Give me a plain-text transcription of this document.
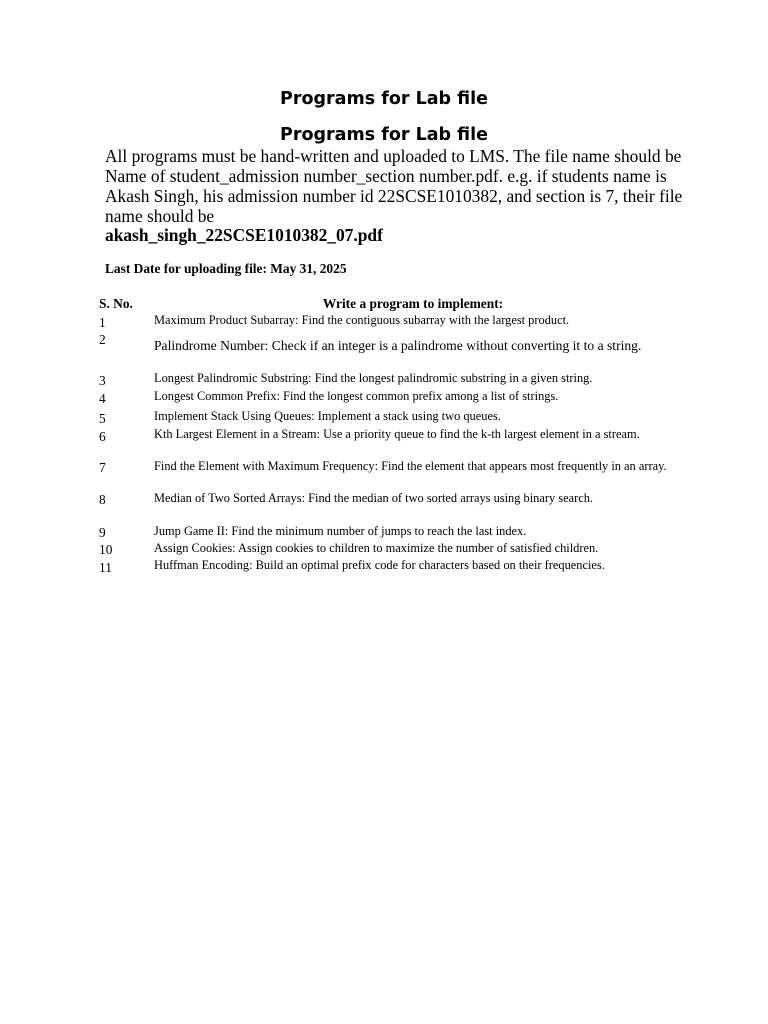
Programs for Lab file
Programs for Lab file
All programs must be hand-written and uploaded to LMS. The file name should be Name of student_admission number_section number.pdf. e.g. if students name is Akash Singh, his admission number id 22SCSE1010382, and section is 7, their file name should be
akash_singh_22SCSE1010382_07.pdf
Last Date for uploading file: May 31, 2025
S. No.	Write a program to implement:
1	Maximum Product Subarray: Find the contiguous subarray with the largest product.
2	Palindrome Number: Check if an integer is a palindrome without converting it to a string.
3	Longest Palindromic Substring: Find the longest palindromic substring in a given string.
4	Longest Common Prefix: Find the longest common prefix among a list of strings.
5	Implement Stack Using Queues: Implement a stack using two queues.
6	Kth Largest Element in a Stream: Use a priority queue to find the k-th largest element in a stream.
7	Find the Element with Maximum Frequency: Find the element that appears most frequently in an array.
8	Median of Two Sorted Arrays: Find the median of two sorted arrays using binary search.
9	Jump Game II: Find the minimum number of jumps to reach the last index.
10	Assign Cookies: Assign cookies to children to maximize the number of satisfied children.
11	Huffman Encoding: Build an optimal prefix code for characters based on their frequencies.
